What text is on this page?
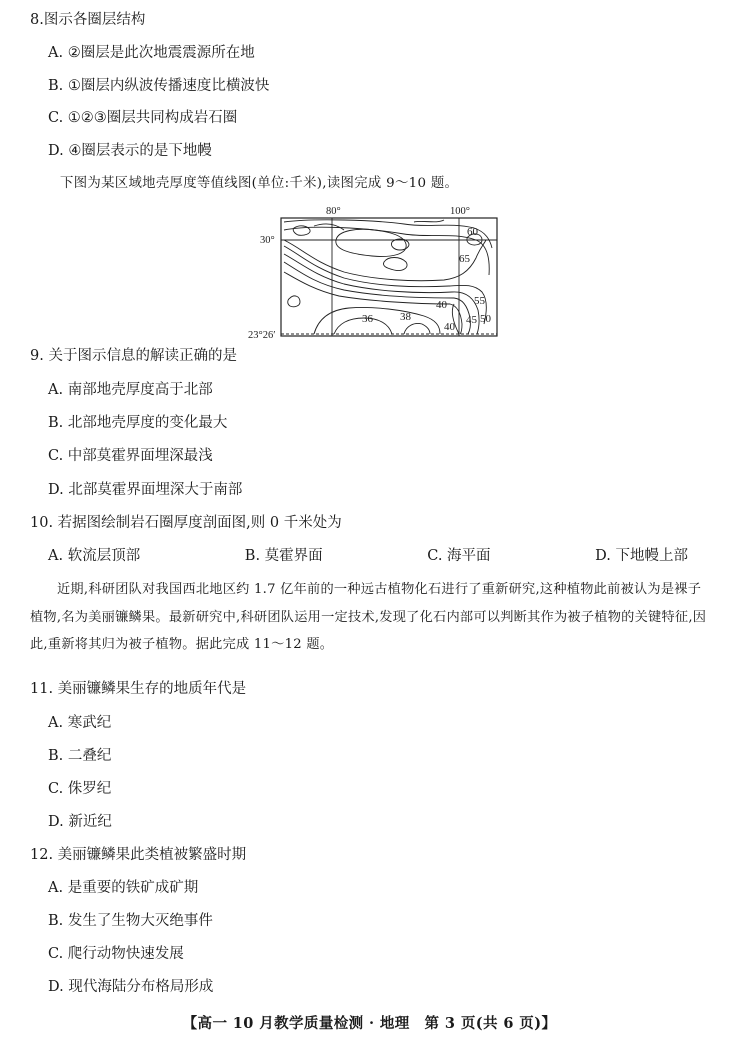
8.图示各圈层结构
A. ②圈层是此次地震震源所在地
B. ①圈层内纵波传播速度比横波快
C. ①②③圈层共同构成岩石圈
D. ④圈层表示的是下地幔
下图为某区域地壳厚度等值线图(单位:千米),读图完成 9～10 题。
80°	100°
30°
23°26′
60
65
55
50
45
40
40
38
36
9. 关于图示信息的解读正确的是
A. 南部地壳厚度高于北部
B. 北部地壳厚度的变化最大
C. 中部莫霍界面埋深最浅
D. 北部莫霍界面埋深大于南部
10. 若据图绘制岩石圈厚度剖面图,则 0 千米处为
A. 软流层顶部	B. 莫霍界面	C. 海平面	D. 下地幔上部
近期,科研团队对我国西北地区约 1.7 亿年前的一种远古植物化石进行了重新研究,这种植物此前被认为是裸子植物,名为美丽镰鳞果。最新研究中,科研团队运用一定技术,发现了化石内部可以判断其作为被子植物的关键特征,因此,重新将其归为被子植物。据此完成 11～12 题。
11. 美丽镰鳞果生存的地质年代是
A. 寒武纪
B. 二叠纪
C. 侏罗纪
D. 新近纪
12. 美丽镰鳞果此类植被繁盛时期
A. 是重要的铁矿成矿期
B. 发生了生物大灭绝事件
C. 爬行动物快速发展
D. 现代海陆分布格局形成
【高一 10 月教学质量检测 · 地理　第 3 页(共 6 页)】
